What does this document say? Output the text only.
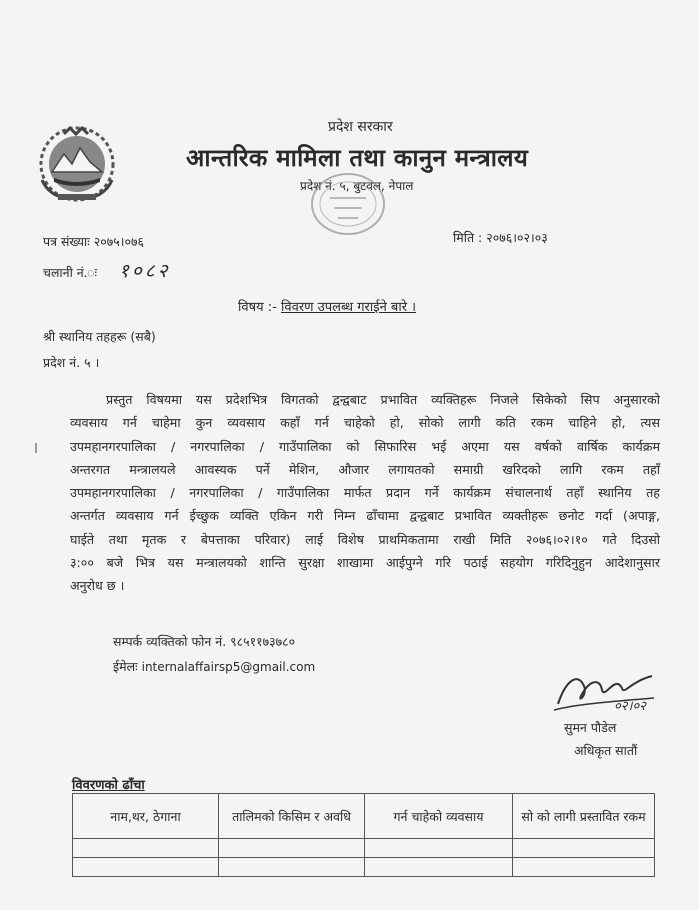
प्रदेश सरकार
आन्तरिक मामिला तथा कानुन मन्त्रालय
प्रदेश नं. ५, बुटवल, नेपाल
पत्र संख्याः २०७५।०७६
चलानी नं.ः १०८२
मिति : २०७६।०२।०३
विषय :- विवरण उपलब्ध गराईने बारे ।
श्री स्थानिय तहहरू (सबै)
प्रदेश नं. ५ ।
प्रस्तुत विषयमा यस प्रदेशभित्र विगतको द्वन्द्वबाट प्रभावित व्यक्तिहरू निजले सिकेको सिप अनुसारको
व्यवसाय गर्न चाहेमा कुन व्यवसाय कहाँ गर्न चाहेको हो, सोको लागी कति रकम चाहिने हो, त्यस
उपमहानगरपालिका / नगरपालिका / गाउँपालिका को सिफारिस भई अएमा यस वर्षको वार्षिक कार्यक्रम
अन्तरगत मन्त्रालयले आवस्यक पर्ने मेशिन, औजार लगायतको समाग्री खरिदको लागि रकम तहाँ
उपमहानगरपालिका / नगरपालिका / गाउँपालिका मार्फत प्रदान गर्ने कार्यक्रम संचालनार्थ तहाँ स्थानिय तह
अन्तर्गत व्यवसाय गर्न ईच्छुक व्यक्ति एकिन गरी निम्न ढाँचामा द्वन्द्वबाट प्रभावित व्यक्तीहरू छनोट गर्दा (अपाङ्ग,
घाईते तथा मृतक र बेपत्ताका परिवार) लाई विशेष प्राथमिकतामा राखी मिति २०७६।०२।१० गते दिउसो
३:०० बजे भित्र यस मन्त्रालयको शान्ति सुरक्षा शाखामा आईपुग्ने गरि पठाई सहयोग गरिदिनुहुन आदेशानुसार
अनुरोध छ ।
सम्पर्क व्यक्तिको फोन नं. ९८५११७३७८०
ईमेलः internalaffairsp5@gmail.com
०२।०२
सुमन पौडेल
अधिकृत सातौं
विवरणको ढाँचा
नाम,थर, ठेगाना	तालिमको किसिम र अवधि	गर्न चाहेको व्यवसाय	सो को लागी प्रस्तावित रकम
